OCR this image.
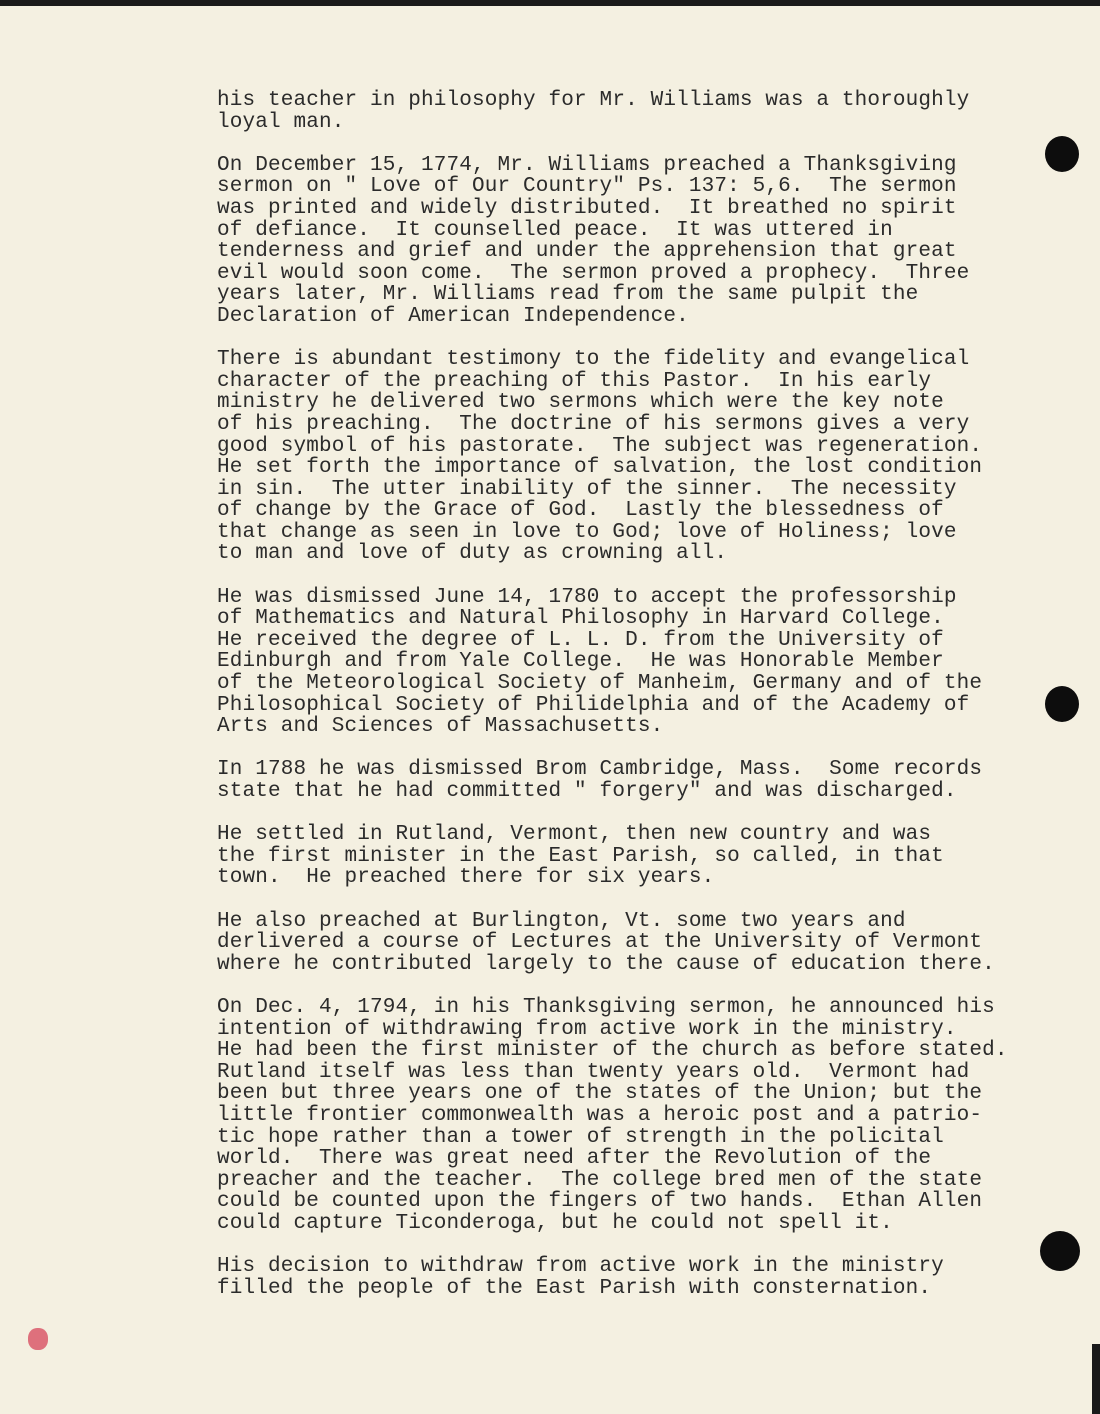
his teacher in philosophy for Mr. Williams was a thoroughly
loyal man.
On December 15, 1774, Mr. Williams preached a Thanksgiving
sermon on " Love of Our Country" Ps. 137: 5,6.  The sermon
was printed and widely distributed.  It breathed no spirit
of defiance.  It counselled peace.  It was uttered in
tenderness and grief and under the apprehension that great
evil would soon come.  The sermon proved a prophecy.  Three
years later, Mr. Williams read from the same pulpit the
Declaration of American Independence.
There is abundant testimony to the fidelity and evangelical
character of the preaching of this Pastor.  In his early
ministry he delivered two sermons which were the key note
of his preaching.  The doctrine of his sermons gives a very
good symbol of his pastorate.  The subject was regeneration.
He set forth the importance of salvation, the lost condition
in sin.  The utter inability of the sinner.  The necessity
of change by the Grace of God.  Lastly the blessedness of
that change as seen in love to God; love of Holiness; love
to man and love of duty as crowning all.
He was dismissed June 14, 1780 to accept the professorship
of Mathematics and Natural Philosophy in Harvard College.
He received the degree of L. L. D. from the University of
Edinburgh and from Yale College.  He was Honorable Member
of the Meteorological Society of Manheim, Germany and of the
Philosophical Society of Philidelphia and of the Academy of
Arts and Sciences of Massachusetts.
In 1788 he was dismissed Brom Cambridge, Mass.  Some records
state that he had committed " forgery" and was discharged.
He settled in Rutland, Vermont, then new country and was
the first minister in the East Parish, so called, in that
town.  He preached there for six years.
He also preached at Burlington, Vt. some two years and
derlivered a course of Lectures at the University of Vermont
where he contributed largely to the cause of education there.
On Dec. 4, 1794, in his Thanksgiving sermon, he announced his
intention of withdrawing from active work in the ministry.
He had been the first minister of the church as before stated.
Rutland itself was less than twenty years old.  Vermont had
been but three years one of the states of the Union; but the
little frontier commonwealth was a heroic post and a patrio-
tic hope rather than a tower of strength in the policital
world.  There was great need after the Revolution of the
preacher and the teacher.  The college bred men of the state
could be counted upon the fingers of two hands.  Ethan Allen
could capture Ticonderoga, but he could not spell it.
His decision to withdraw from active work in the ministry
filled the people of the East Parish with consternation.
